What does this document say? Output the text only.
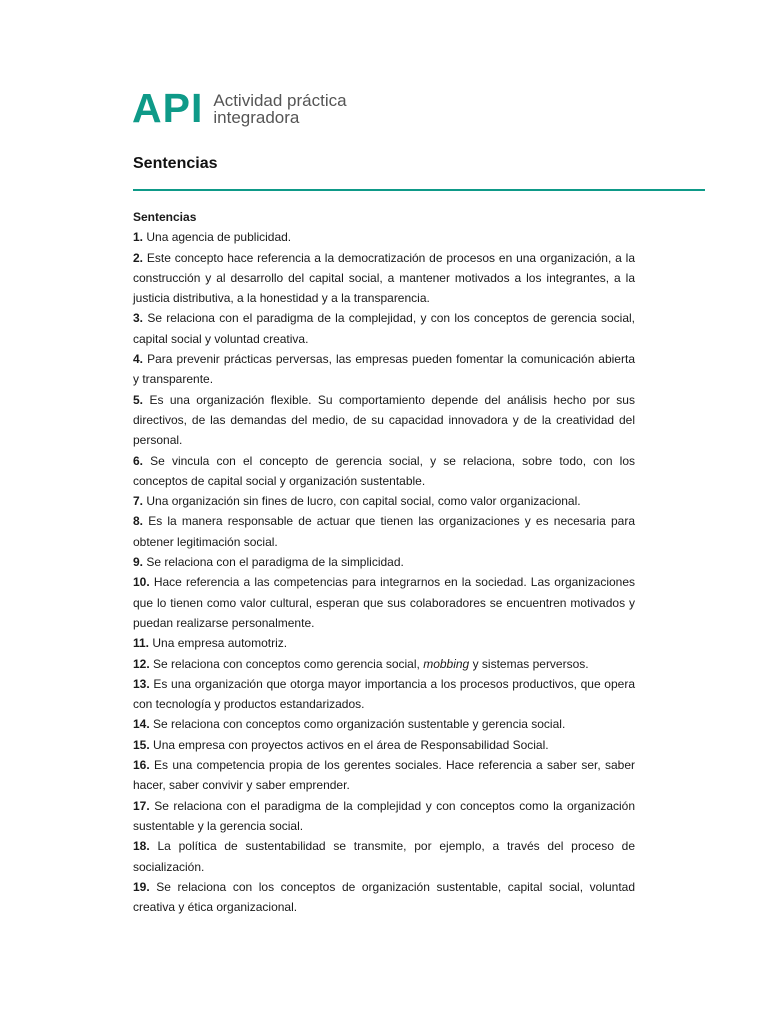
API Actividad práctica
integradora
Sentencias

Sentencias

1. Una agencia de publicidad.

2. Este concepto hace referencia a la democratización de procesos en una organización, a la construcción y al desarrollo del capital social, a mantener motivados a los integrantes, a la justicia distributiva, a la honestidad y a la transparencia.

3. Se relaciona con el paradigma de la complejidad, y con los conceptos de gerencia social, capital social y voluntad creativa.

4. Para prevenir prácticas perversas, las empresas pueden fomentar la comunicación abierta y transparente.

5. Es una organización flexible. Su comportamiento depende del análisis hecho por sus directivos, de las demandas del medio, de su capacidad innovadora y de la creatividad del personal.

6. Se vincula con el concepto de gerencia social, y se relaciona, sobre todo, con los conceptos de capital social y organización sustentable.

7. Una organización sin fines de lucro, con capital social, como valor organizacional.

8. Es la manera responsable de actuar que tienen las organizaciones y es necesaria para obtener legitimación social.

9. Se relaciona con el paradigma de la simplicidad.

10. Hace referencia a las competencias para integrarnos en la sociedad. Las organizaciones que lo tienen como valor cultural, esperan que sus colaboradores se encuentren motivados y puedan realizarse personalmente.

11. Una empresa automotriz.

12. Se relaciona con conceptos como gerencia social, mobbing y sistemas perversos.

13. Es una organización que otorga mayor importancia a los procesos productivos, que opera con tecnología y productos estandarizados.

14. Se relaciona con conceptos como organización sustentable y gerencia social.

15. Una empresa con proyectos activos en el área de Responsabilidad Social.

16. Es una competencia propia de los gerentes sociales. Hace referencia a saber ser, saber hacer, saber convivir y saber emprender.

17. Se relaciona con el paradigma de la complejidad y con conceptos como la organización sustentable y la gerencia social.

18. La política de sustentabilidad se transmite, por ejemplo, a través del proceso de socialización.

19. Se relaciona con los conceptos de organización sustentable, capital social, voluntad creativa y ética organizacional.
